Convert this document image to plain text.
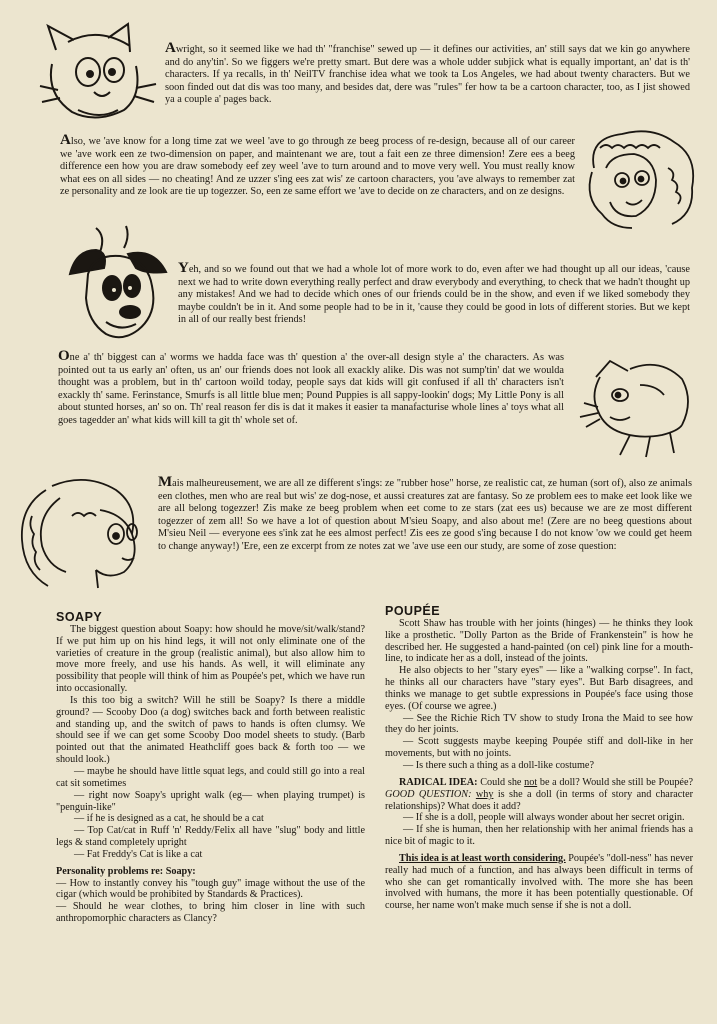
Awright, so it seemed like we had th' "franchise" sewed up — it defines our activities, an' still says dat we kin go anywhere and do any'tin'. So we figgers we're pretty smart. But dere was a whole udder subjick what is equally important, an' dat is th' characters. If ya recalls, in th' NeilTV franchise idea what we took ta Los Angeles, we had about twenty characters. But we soon finded out dat dis was too many, and besides dat, dere was "rules" fer how ta be a cartoon character, too, as I jist showed ya a couple a' pages back.

Also, we 'ave know for a long time zat we weel 'ave to go through ze beeg process of re-design, because all of our career we 'ave work een ze two-dimension on paper, and maintenant we are, tout a fait een ze three dimension! Zere ees a beeg difference een how you are draw somebody eef zey weel 'ave to turn around and to move very well. You must really know what ees on all sides — no cheating! And ze uzzer s'ing ees zat wis' ze cartoon characters, you 'ave always to remember zat ze personality and ze look are tie up togezzer. So, een ze same effort we 'ave to decide on ze characters, and on ze designs.

Yeh, and so we found out that we had a whole lot of more work to do, even after we had thought up all our ideas, 'cause next we had to write down everything really perfect and draw everybody and everything, to check that we hadn't thought up any mistakes! And we had to decide which ones of our friends could be in the show, and even if we liked somebody they maybe couldn't be in it. And some people had to be in it, 'cause they could be good in lots of different stories. But we kept in all of our really best friends!

One a' th' biggest can a' worms we hadda face was th' question a' the over-all design style a' the characters. As was pointed out ta us early an' often, us an' our friends does not look all exackly alike. Dis was not sump'tin' dat we woulda thought was a problem, but in th' cartoon woild today, people says dat kids will git confused if all th' characters isn't exackly th' same. Ferinstance, Smurfs is all little blue men; Pound Puppies is all sappy-lookin' dogs; My Little Pony is all about stunted horses, an' so on. Th' real reason fer dis is dat it makes it easier ta manafacturise whole lines a' toys what all goes tagedder an' what kids will kill ta git th' whole set of.

Mais malheureusement, we are all ze different s'ings: ze "rubber hose" horse, ze realistic cat, ze human (sort of), also ze animals een clothes, men who are real but wis' ze dog-nose, et aussi creatures zat are fantasy. So ze problem ees to make eet look like we are all belong togezzer! Zis make ze beeg problem when eet come to ze stars (zat ees us) because we are ze most different togezzer of zem all! So we have a lot of question about M'sieu Soapy, and also about me! (Zere are no beeg questions about M'sieu Neil — everyone ees s'ink zat he ees almost perfect! Zis ees ze good s'ing because I do not know 'ow we could get heem to change anyway!) 'Ere, een ze excerpt from ze notes zat we 'ave use een our study, are some of zose question:

SOAPY

The biggest question about Soapy: how should he move/sit/walk/stand? If we put him up on his hind legs, it will not only eliminate one of the varieties of creature in the group (realistic animal), but also allow him to move more freely, and use his hands. As well, it will eliminate any possibility that people will think of him as Poupée's pet, which we have run into occasionally.

Is this too big a switch? Will he still be Soapy? Is there a middle ground? — Scooby Doo (a dog) switches back and forth between realistic and standing up, and the switch of paws to hands is often clumsy. We should see if we can get some Scooby Doo model sheets to study. (Barb pointed out that the animated Heathcliff goes back & forth too — we should look.)

— maybe he should have little squat legs, and could still go into a real cat sit sometimes

— right now Soapy's upright walk (eg— when playing trumpet) is "penguin-like"

— if he is designed as a cat, he should be a cat

— Top Cat/cat in Ruff 'n' Reddy/Felix all have "slug" body and little legs & stand completely upright

— Fat Freddy's Cat is like a cat

Personality problems re: Soapy:

— How to instantly convey his "tough guy" image without the use of the cigar (which would be prohibited by Standards & Practices).

— Should he wear clothes, to bring him closer in line with such anthropomorphic characters as Clancy?

POUPÉE

Scott Shaw has trouble with her joints (hinges) — he thinks they look like a prosthetic. "Dolly Parton as the Bride of Frankenstein" is how he described her. He suggested a hand-painted (on cel) pink line for a mouth-line, to indicate her as a doll, instead of the joints.

He also objects to her "stary eyes" — like a "walking corpse". In fact, he thinks all our characters have "stary eyes". But Barb disagrees, and thinks we manage to get subtle expressions in Poupée's face using those eyes. (Of course we agree.)

— See the Richie Rich TV show to study Irona the Maid to see how they do her joints.

— Scott suggests maybe keeping Poupée stiff and doll-like in her movements, but with no joints.

— Is there such a thing as a doll-like costume?

RADICAL IDEA: Could she not be a doll? Would she still be Poupée? GOOD QUESTION: why is she a doll (in terms of story and character relationships)? What does it add?

— If she is a doll, people will always wonder about her secret origin.

— If she is human, then her relationship with her animal friends has a nice bit of magic to it.

This idea is at least worth considering. Poupée's "doll-ness" has never really had much of a function, and has always been difficult in terms of who she can get romantically involved with. The more she has been involved with humans, the more it has been potentially questionable. Of course, her name won't make much sense if she is not a doll.
